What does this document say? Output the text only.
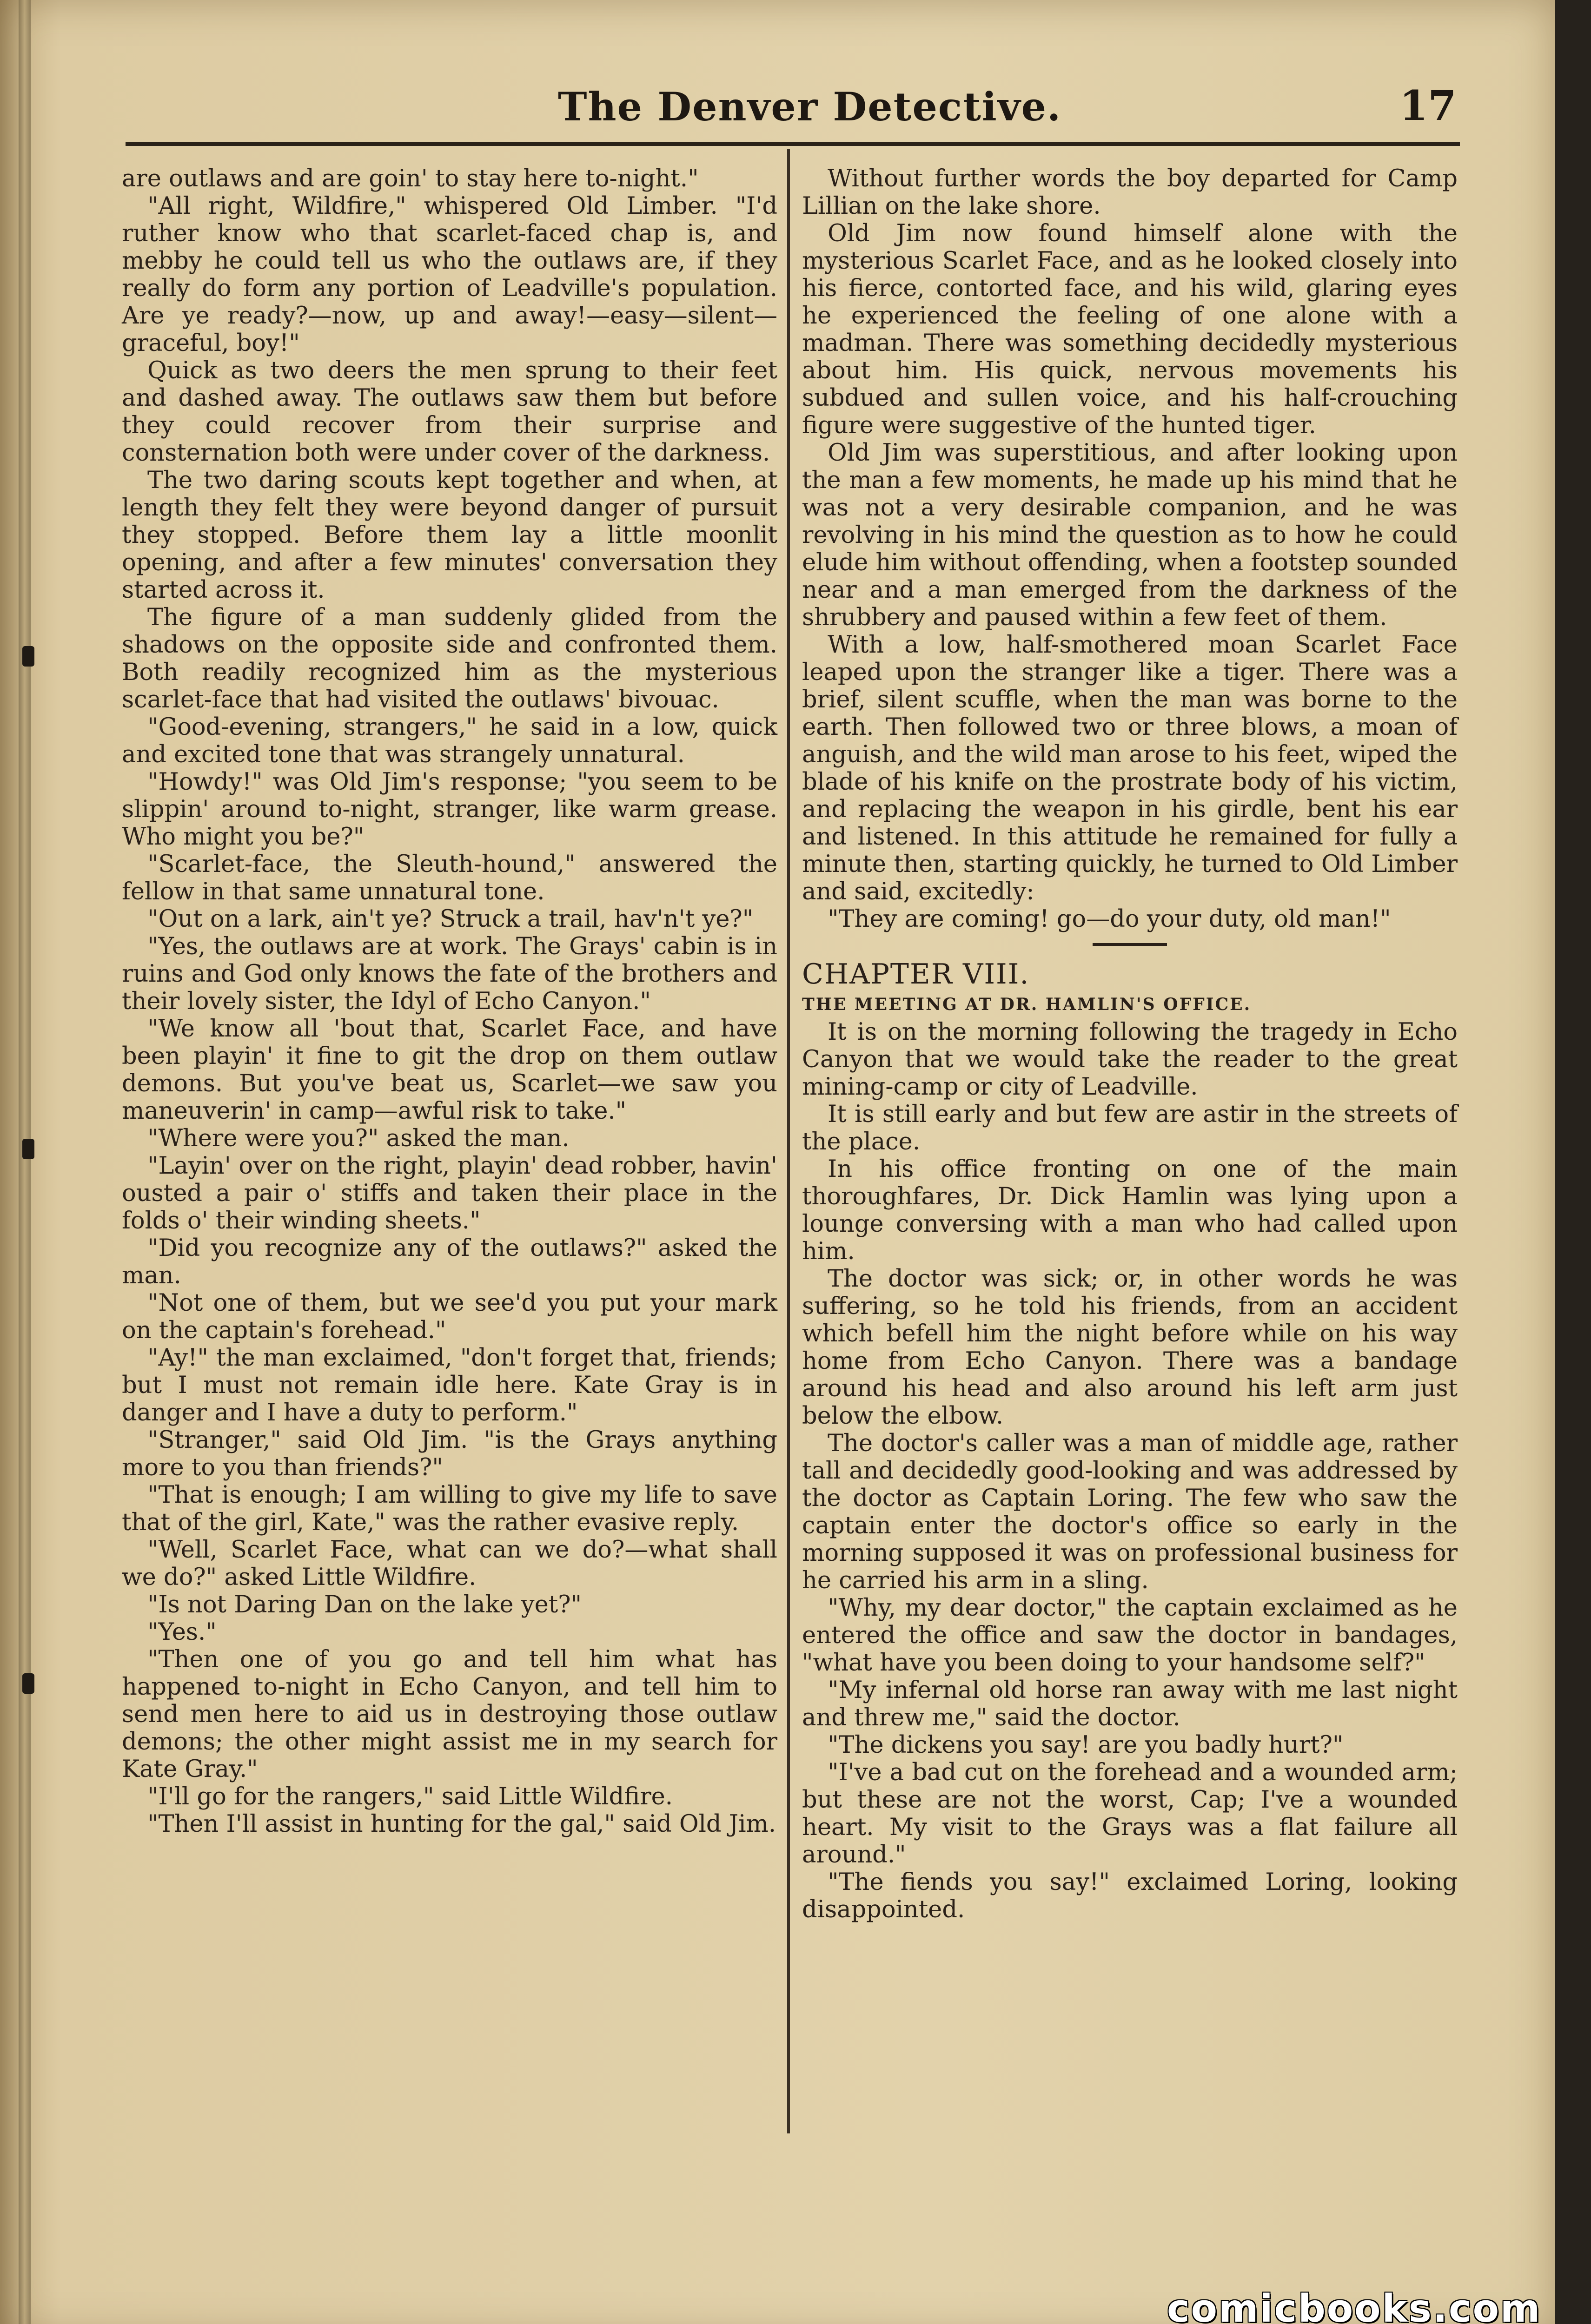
The Denver Detective.	17

are outlaws and are goin' to stay here to-night."

"All right, Wildfire," whispered Old Limber. "I'd ruther know who that scarlet-faced chap is, and mebby he could tell us who the outlaws are, if they really do form any portion of Leadville's population. Are ye ready?—now, up and away!—easy—silent—graceful, boy!"

Quick as two deers the men sprung to their feet and dashed away. The outlaws saw them but before they could recover from their surprise and consternation both were under cover of the darkness.

The two daring scouts kept together and when, at length they felt they were beyond danger of pursuit they stopped. Before them lay a little moonlit opening, and after a few minutes' conversation they started across it.

The figure of a man suddenly glided from the shadows on the opposite side and confronted them. Both readily recognized him as the mysterious scarlet-face that had visited the outlaws' bivouac.

"Good-evening, strangers," he said in a low, quick and excited tone that was strangely unnatural.

"Howdy!" was Old Jim's response; "you seem to be slippin' around to-night, stranger, like warm grease. Who might you be?"

"Scarlet-face, the Sleuth-hound," answered the fellow in that same unnatural tone.

"Out on a lark, ain't ye? Struck a trail, hav'n't ye?"

"Yes, the outlaws are at work. The Grays' cabin is in ruins and God only knows the fate of the brothers and their lovely sister, the Idyl of Echo Canyon."

"We know all 'bout that, Scarlet Face, and have been playin' it fine to git the drop on them outlaw demons. But you've beat us, Scarlet—we saw you maneuverin' in camp—awful risk to take."

"Where were you?" asked the man.

"Layin' over on the right, playin' dead robber, havin' ousted a pair o' stiffs and taken their place in the folds o' their winding sheets."

"Did you recognize any of the outlaws?" asked the man.

"Not one of them, but we see'd you put your mark on the captain's forehead."

"Ay!" the man exclaimed, "don't forget that, friends; but I must not remain idle here. Kate Gray is in danger and I have a duty to perform."

"Stranger," said Old Jim. "is the Grays anything more to you than friends?"

"That is enough; I am willing to give my life to save that of the girl, Kate," was the rather evasive reply.

"Well, Scarlet Face, what can we do?—what shall we do?" asked Little Wildfire.

"Is not Daring Dan on the lake yet?"

"Yes."

"Then one of you go and tell him what has happened to-night in Echo Canyon, and tell him to send men here to aid us in destroying those outlaw demons; the other might assist me in my search for Kate Gray."

"I'll go for the rangers," said Little Wildfire.

"Then I'll assist in hunting for the gal," said Old Jim.

Without further words the boy departed for Camp Lillian on the lake shore.

Old Jim now found himself alone with the mysterious Scarlet Face, and as he looked closely into his fierce, contorted face, and his wild, glaring eyes he experienced the feeling of one alone with a madman. There was something decidedly mysterious about him. His quick, nervous movements his subdued and sullen voice, and his half-crouching figure were suggestive of the hunted tiger.

Old Jim was superstitious, and after looking upon the man a few moments, he made up his mind that he was not a very desirable companion, and he was revolving in his mind the question as to how he could elude him without offending, when a footstep sounded near and a man emerged from the darkness of the shrubbery and paused within a few feet of them.

With a low, half-smothered moan Scarlet Face leaped upon the stranger like a tiger. There was a brief, silent scuffle, when the man was borne to the earth. Then followed two or three blows, a moan of anguish, and the wild man arose to his feet, wiped the blade of his knife on the prostrate body of his victim, and replacing the weapon in his girdle, bent his ear and listened. In this attitude he remained for fully a minute then, starting quickly, he turned to Old Limber and said, excitedly:

"They are coming! go—do your duty, old man!"

CHAPTER VIII.

THE MEETING AT DR. HAMLIN'S OFFICE.

It is on the morning following the tragedy in Echo Canyon that we would take the reader to the great mining-camp or city of Leadville.

It is still early and but few are astir in the streets of the place.

In his office fronting on one of the main thoroughfares, Dr. Dick Hamlin was lying upon a lounge conversing with a man who had called upon him.

The doctor was sick; or, in other words he was suffering, so he told his friends, from an accident which befell him the night before while on his way home from Echo Canyon. There was a bandage around his head and also around his left arm just below the elbow.

The doctor's caller was a man of middle age, rather tall and decidedly good-looking and was addressed by the doctor as Captain Loring. The few who saw the captain enter the doctor's office so early in the morning supposed it was on professional business for he carried his arm in a sling.

"Why, my dear doctor," the captain exclaimed as he entered the office and saw the doctor in bandages, "what have you been doing to your handsome self?"

"My infernal old horse ran away with me last night and threw me," said the doctor.

"The dickens you say! are you badly hurt?"

"I've a bad cut on the forehead and a wounded arm; but these are not the worst, Cap; I've a wounded heart. My visit to the Grays was a flat failure all around."

"The fiends you say!" exclaimed Loring, looking disappointed.

comicbooks.com
